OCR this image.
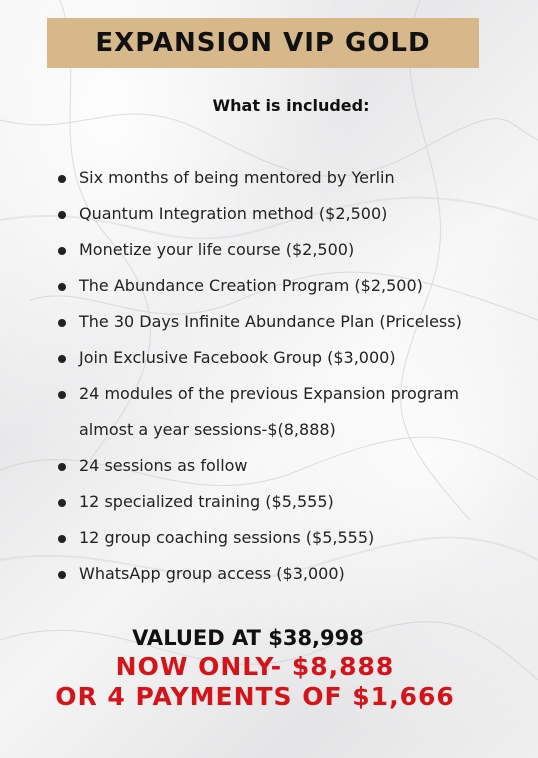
EXPANSION VIP GOLD
What is included:
Six months of being mentored by Yerlin
Quantum Integration method ($2,500)
Monetize your life course ($2,500)
The Abundance Creation Program ($2,500)
The 30 Days Infinite Abundance Plan (Priceless)
Join Exclusive Facebook Group ($3,000)
24 modules of the previous Expansion program almost a year sessions-$(8,888)
24 sessions as follow
12 specialized training ($5,555)
12 group coaching sessions ($5,555)
WhatsApp group access ($3,000)
VALUED AT $38,998
NOW ONLY- $8,888
OR 4 PAYMENTS OF $1,666
